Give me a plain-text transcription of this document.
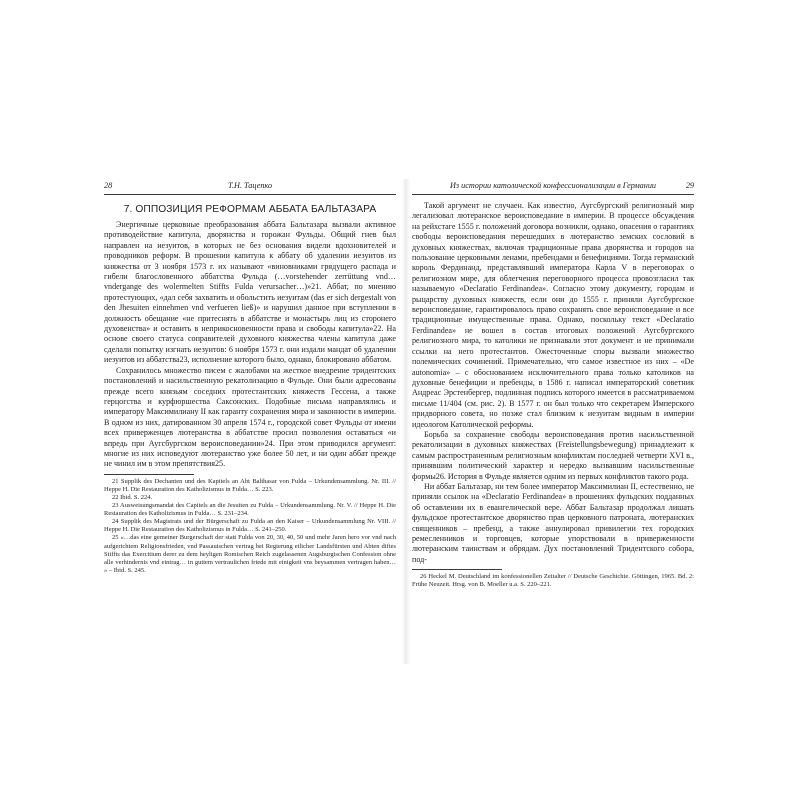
28	Т.Н. Тацепко
7. ОППОЗИЦИЯ РЕФОРМАМ АББАТА БАЛЬТАЗАРА

Энергичные церковные преобразования аббата Бальтазара вызвали активное противодействие капитула, дворянства и горожан Фульды. Общий гнев был направлен на иезуитов, в которых не без основания видели вдохновителей и проводников реформ. В прошении капитула к аббату об удалении иезуитов из княжества от 3 ноября 1573 г. их называют «виновниками грядущего распада и гибели благословенного аббатства Фульда (…vorstehender zerrüttung vnd… vndergange des wolermelten Stiffts Fulda verursacher…)»21. Аббат, по мнению протестующих, «дал себя захватить и обольстить иезуитам (das er sich dergestalt von den Jhesuiten einnehmen vnd verfueren ließ)» и нарушил данное при вступлении в должность обещание «не притеснять в аббатстве и монастырь лиц из сторонего духовенства» и оставить в неприкосновенности права и свободы капитула»22. На основе своего статуса соправителей духовного княжества члены капитула даже сделали попытку изгнать иезуитов: 6 ноября 1573 г. они издали мандат об удалении иезуитов из аббатства23, исполнение которого было, однако, блокировано аббатом.

Сохранилось множество писем с жалобами на жесткое внедрение тридентских постановлений и насильственную рекатолизацию в Фульде. Они были адресованы прежде всего князьям соседних протестантских княжеств Гессена, а также герцогства и курфюршества Саксонских. Подобные письма направлялись и императору Максимилиану II как гаранту сохранения мира и законности в империи. В одном из них, датированном 30 апреля 1574 г., городской совет Фульды от имени всех приверженцев лютеранства в аббатстве просил позволения оставаться «и впредь при Аугсбургском вероисповедании»24. При этом приводился аргумент: многие из них исповедуют лютеранство уже более 50 лет, и ни один аббат прежде не чинил им в этом препятствия25.

21 Supplik des Dechanten und des Kapitels an Abt Balthasar von Fulda – Urkundensammlung. Nr. III. // Heppe H. Die Restauration des Katholizismus in Fulda… S. 223.

22 Ibid. S. 224.

23 Ausweisungsmandat des Capitels an die Jesuiten zu Fulda – Urkundensammlung. Nr. V. // Heppe H. Die Restauration des Katholizismus in Fulda… S. 231–234.

24 Supplik des Magistrats und der Bürgerschaft zu Fulda an den Kaiser – Urkundensammlung Nr. VIII. // Heppe H. Die Restauration des Katholizismus in Fulda… S. 241–250.

25 «…das eine gemeiner Burgerschaft der statt Fulda von 20, 30, 40, 50 und mehr Jaren hero vor vnd nach aufgerichtem Religionsfrieden, vnd Passauischen vertrag bei Regierung etlicher Landsfürsten und Abten diftes Stiffts das Exercitium derer zu dem heyligen Romischen Reich zugelassenen Augsburgischen Confession ohne alle verhindernis vnd eintrag… in guttem vertraulichen friede mit einigkeit vns beysammen vertragen haben… » – Ibid. S. 245.

Из истории католической конфессионализации в Германии	29

Такой аргумент не случаен. Как известно, Аугсбургский религиозный мир легализовал лютеранское вероисповедание в империи. В процессе обсуждения на рейхстаге 1555 г. положений договора возникли, однако, опасения о гарантиях свободы вероисповедания перешедших в лютеранство земских сословий в духовных княжествах, включая традиционные права дворянства и городов на пользование церковными ленами, пребендами и бенефициями. Тогда германский король Фердинанд, представлявший императора Карла V в переговорах о религиозном мире, для облегчения переговорного процесса провозгласил так называемую «Declaratio Ferdinandea». Согласно этому документу, городам и рыцарству духовных княжеств, если они до 1555 г. приняли Аугсбургское вероисповедание, гарантировалось право сохранять свое вероисповедание и все традиционные имущественные права. Однако, поскольку текст «Declaratio Ferdinandea» не вошел в состав итоговых положений Аугсбургского религиозного мира, то католики не признавали этот документ и не принимали ссылки на него протестантов. Ожесточенные споры вызвали множество полемических сочинений. Примечательно, что самое известное из них – «De autonomia» – с обоснованием исключительного права только католиков на духовные бенефиции и пребенды, в 1586 г. написал императорский советник Андреас Эрстенбергер, подлинная подпись которого имеется в рассматриваемом письме 11/404 (см. рис. 2). В 1577 г. он был только что секретарем Имперского придворного совета, но позже стал близким к иезуитам видным в империи идеологом Католической реформы.

Борьба за сохранение свободы вероисповедания против насильственной рекатолизации в духовных княжествах (Freistellungsbewegung) принадлежит к самым распространенным религиозным конфликтам последней четверти XVI в., принявшим политический характер и нередко вызвавшим насильственные формы26. История в Фульде является одним из первых конфликтов такого рода.

Ни аббат Бальтазар, ни тем более император Максимилиан II, естественно, не приняли ссылок на «Declaratio Ferdinandea» в прошениях фульдских подданных об оставлении их в евангелической вере. Аббат Бальтазар продолжал лишать фульдское протестантское дворянство прав церковного патроната, лютеранских священников – пребенд, а также аннулировал привилегии тех городских ремесленников и торговцев, которые упорствовали в приверженности лютеранским таинствам и обрядам. Дух постановлений Тридентского собора, под-

26 Heckel M. Deutschland im konfessionellen Zeitalter // Deutsche Geschichte. Göttingen, 1965. Bd. 2: Frühe Neuzeit. Hrsg. von B. Moeller u.a. S. 220–221.
